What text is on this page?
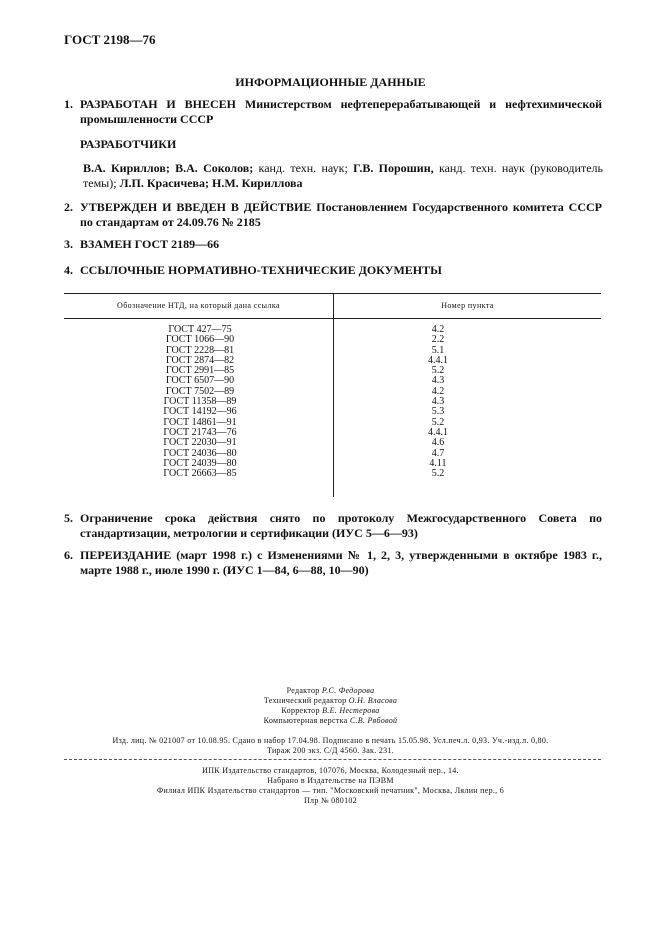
ГОСТ 2198—76
ИНФОРМАЦИОННЫЕ ДАННЫЕ
1. РАЗРАБОТАН И ВНЕСЕН Министерством нефтеперерабатывающей и нефтехимической промышленности СССР
РАЗРАБОТЧИКИ
В.А. Кириллов; В.А. Соколов; канд. техн. наук; Г.В. Порошин, канд. техн. наук (руководитель темы); Л.П. Красичева; Н.М. Кириллова
2. УТВЕРЖДЕН И ВВЕДЕН В ДЕЙСТВИЕ Постановлением Государственного комитета СССР по стандартам от 24.09.76 № 2185
3. ВЗАМЕН ГОСТ 2189—66
4. ССЫЛОЧНЫЕ НОРМАТИВНО-ТЕХНИЧЕСКИЕ ДОКУМЕНТЫ
Обозначение НТД, на который дана ссылка	Номер пункта
ГОСТ 427—75
ГОСТ 1066—90
ГОСТ 2228—81
ГОСТ 2874—82
ГОСТ 2991—85
ГОСТ 6507—90
ГОСТ 7502—89
ГОСТ 11358—89
ГОСТ 14192—96
ГОСТ 14861—91
ГОСТ 21743—76
ГОСТ 22030—91
ГОСТ 24036—80
ГОСТ 24039—80
ГОСТ 26663—85
4.2
2.2
5.1
4.4.1
5.2
4.3
4.2
4.3
5.3
5.2
4.4.1
4.6
4.7
4.11
5.2
5. Ограничение срока действия снято по протоколу Межгосударственного Совета по стандартизации, метрологии и сертификации (ИУС 5—6—93)
6. ПЕРЕИЗДАНИЕ (март 1998 г.) с Изменениями № 1, 2, 3, утвержденными в октябре 1983 г., марте 1988 г., июле 1990 г. (ИУС 1—84, 6—88, 10—90)
Редактор Р.С. Федорова
Технический редактор О.Н. Власова
Корректор В.Е. Нестерова
Компьютерная верстка С.В. Рябовой
Изд. лиц. № 021007 от 10.08.95. Сдано в набор 17.04.98. Подписано в печать 15.05.98. Усл.печ.л. 0,93. Уч.-изд.л. 0,80.
Тираж 200 экз. С/Д 4560. Зак. 231.
ИПК Издательство стандартов, 107076, Москва, Колодезный пер., 14.
Набрано в Издательстве на ПЭВМ
Филиал ИПК Издательство стандартов — тип. "Московский печатник", Москва, Лялин пер., 6
Плр № 080102
